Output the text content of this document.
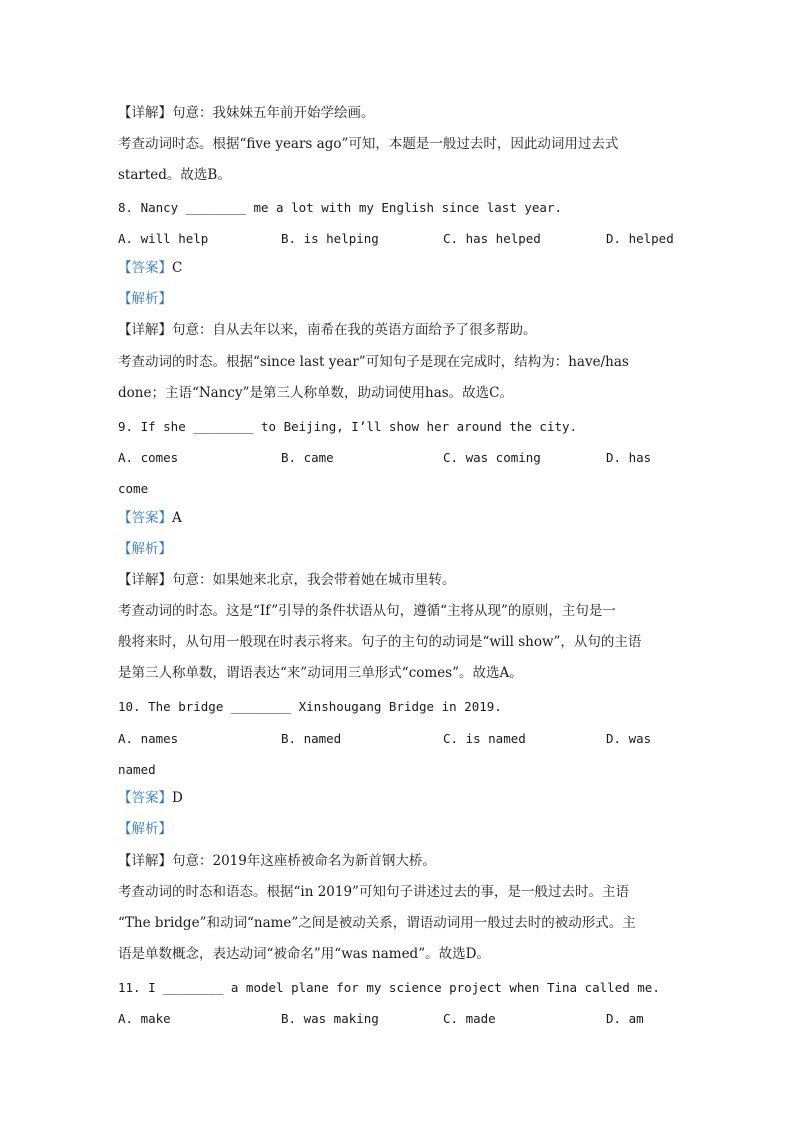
【详解】句意：我妹妹五年前开始学绘画。
考查动词时态。根据“five years ago”可知，本题是一般过去时，因此动词用过去式
started。故选B。
8. Nancy ________ me a lot with my English since last year.
A. will help	B. is helping	C. has helped	D. helped
【答案】C
【解析】
【详解】句意：自从去年以来，南希在我的英语方面给予了很多帮助。
考查动词的时态。根据“since last year”可知句子是现在完成时，结构为：have/has
done；主语“Nancy”是第三人称单数，助动词使用has。故选C。
9. If she ________ to Beijing, I’ll show her around the city.
A. comes	B. came	C. was coming	D. has
come
【答案】A
【解析】
【详解】句意：如果她来北京，我会带着她在城市里转。
考查动词的时态。这是“If”引导的条件状语从句，遵循“主将从现”的原则，主句是一
般将来时，从句用一般现在时表示将来。句子的主句的动词是“will show”，从句的主语
是第三人称单数，谓语表达“来”动词用三单形式“comes”。故选A。
10. The bridge ________ Xinshougang Bridge in 2019.
A. names	B. named	C. is named	D. was
named
【答案】D
【解析】
【详解】句意：2019年这座桥被命名为新首钢大桥。
考查动词的时态和语态。根据“in 2019”可知句子讲述过去的事，是一般过去时。主语
“The bridge”和动词“name”之间是被动关系，谓语动词用一般过去时的被动形式。主
语是单数概念，表达动词“被命名”用“was named”。故选D。
11. I ________ a model plane for my science project when Tina called me.
A. make	B. was making	C. made	D. am
